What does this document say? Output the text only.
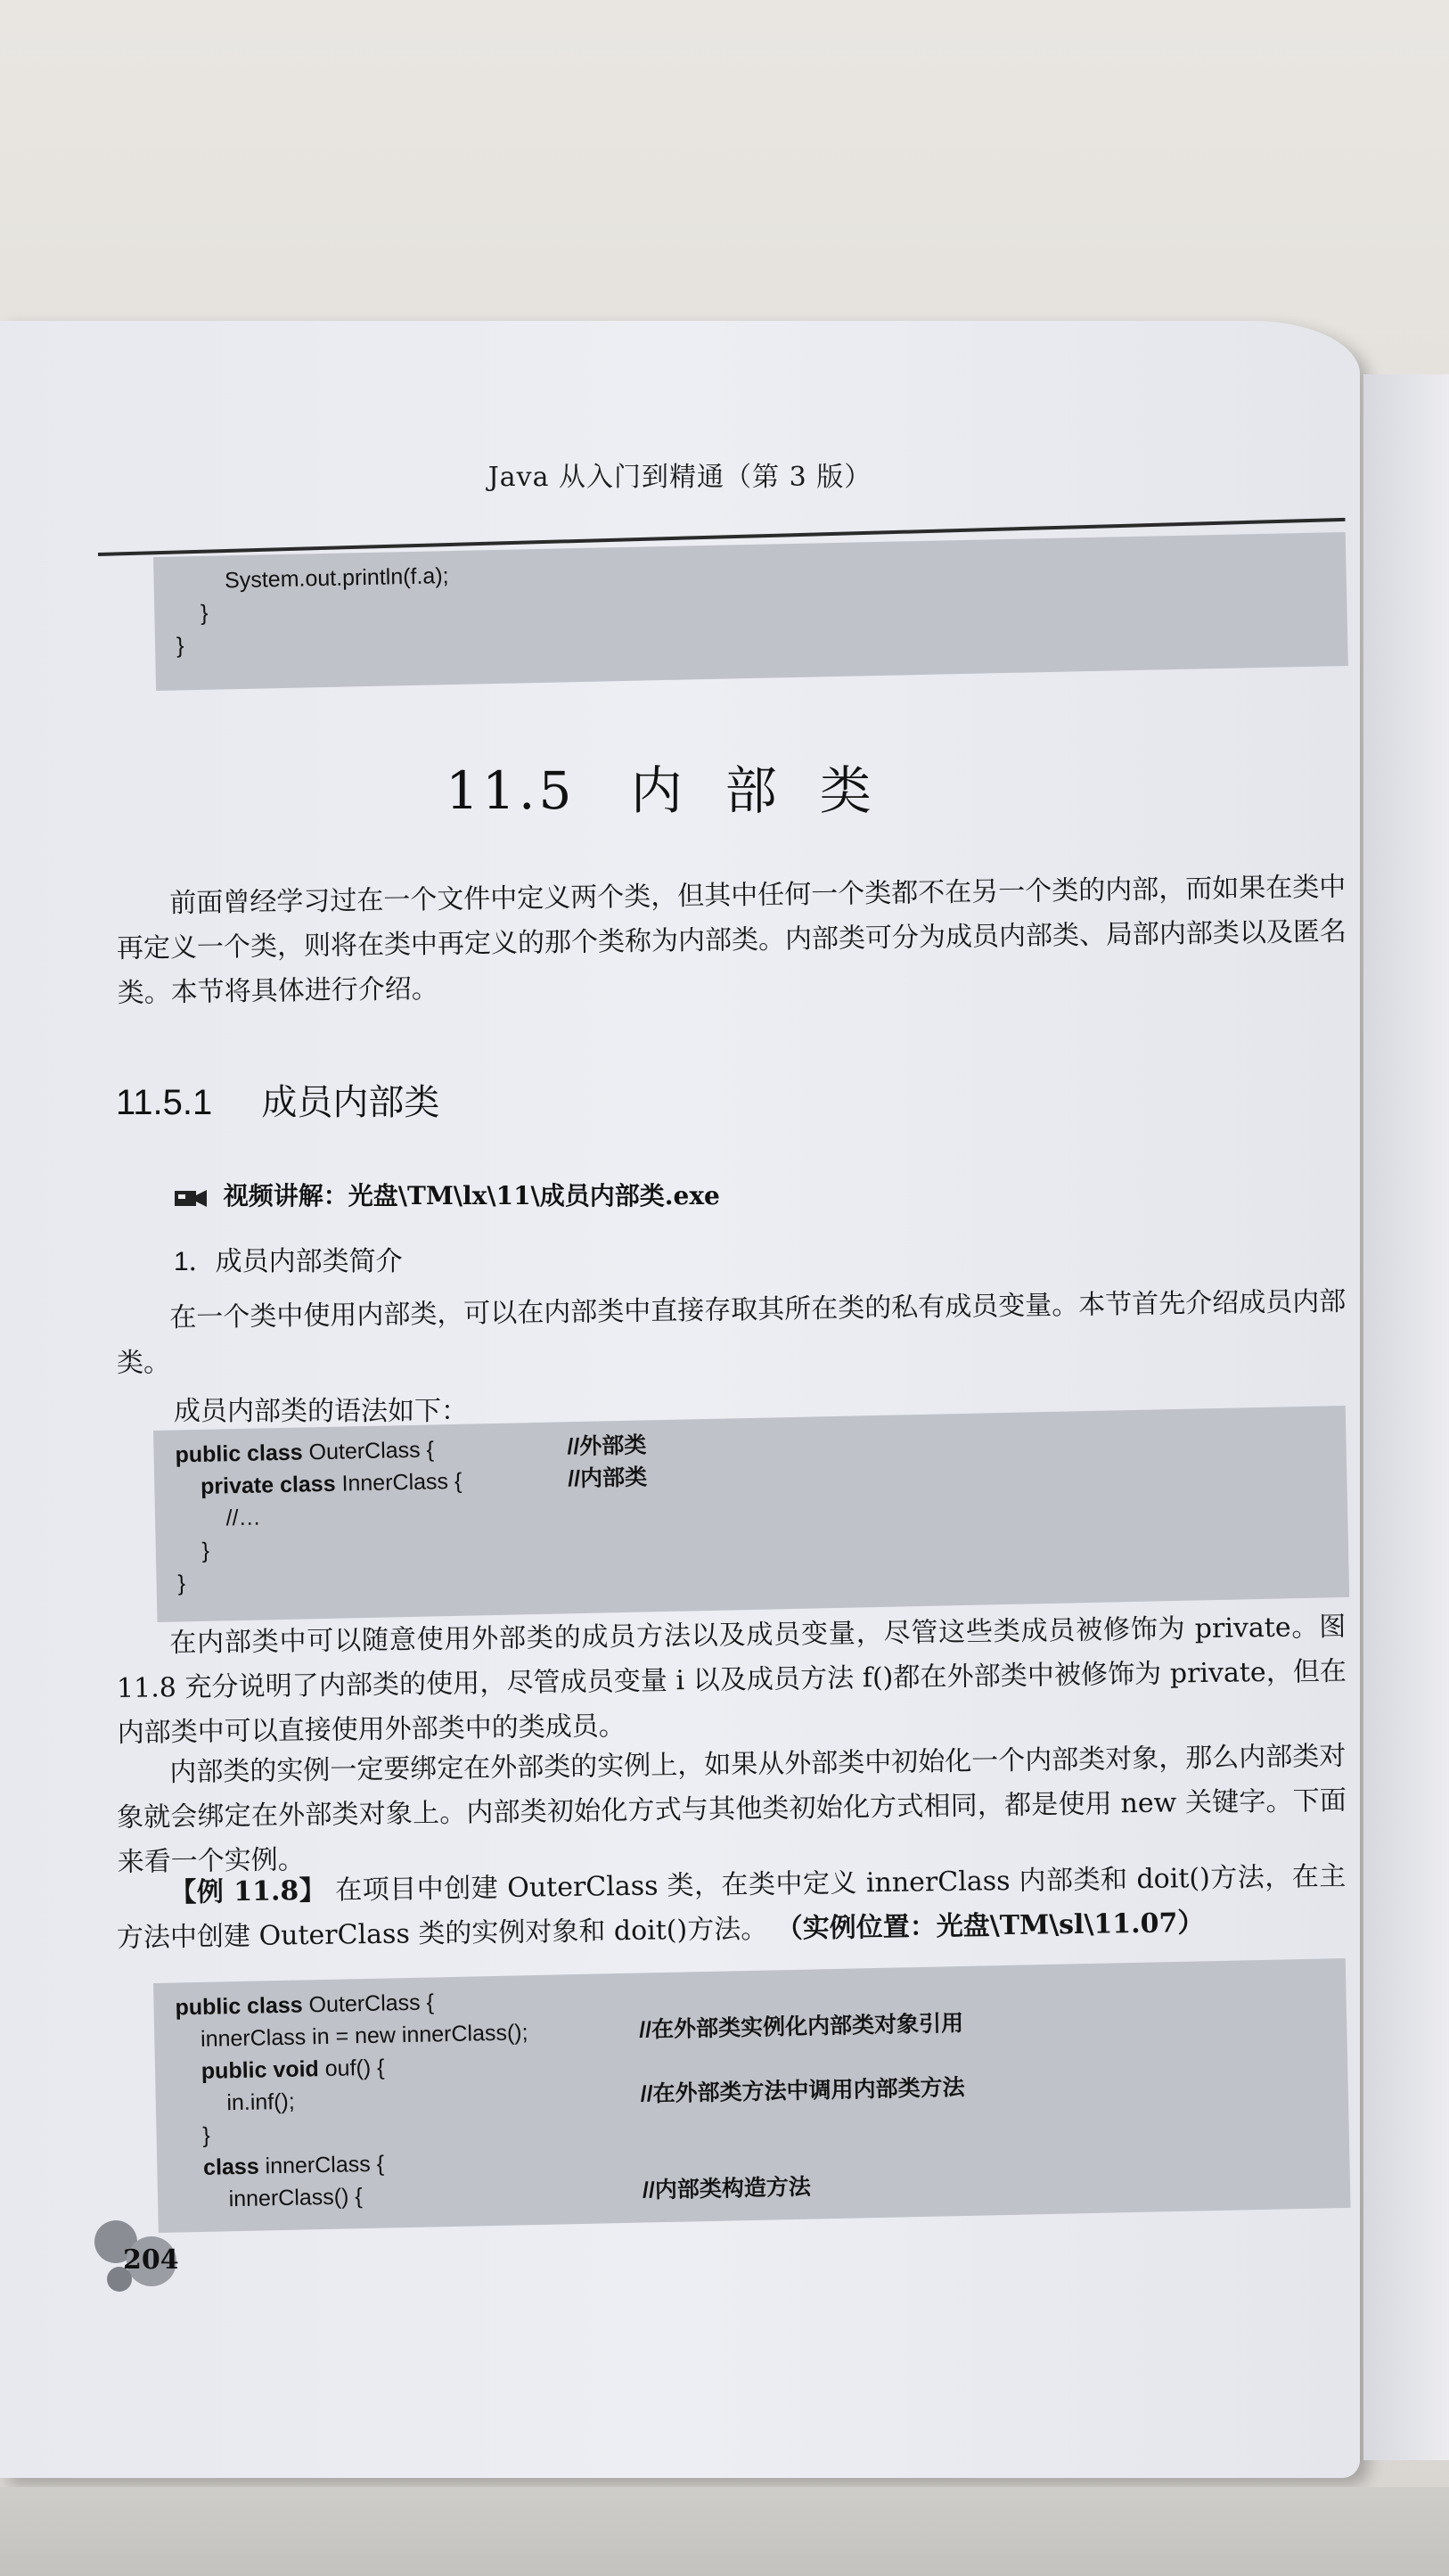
Java 从入门到精通（第 3 版）
System.out.println(f.a);
}
}
11.5 内部类
前面曾经学习过在一个文件中定义两个类，但其中任何一个类都不在另一个类的内部，而如果在类中再定义一个类，则将在类中再定义的那个类称为内部类。内部类可分为成员内部类、局部内部类以及匿名类。本节将具体进行介绍。
11.5.1 成员内部类
视频讲解：光盘\TM\lx\11\成员内部类.exe
1．成员内部类简介
在一个类中使用内部类，可以在内部类中直接存取其所在类的私有成员变量。本节首先介绍成员内部类。
成员内部类的语法如下：
public class OuterClass {	//外部类
private class InnerClass {	//内部类
//…
}
}
在内部类中可以随意使用外部类的成员方法以及成员变量，尽管这些类成员被修饰为 private。图 11.8 充分说明了内部类的使用，尽管成员变量 i 以及成员方法 f()都在外部类中被修饰为 private，但在内部类中可以直接使用外部类中的类成员。
内部类的实例一定要绑定在外部类的实例上，如果从外部类中初始化一个内部类对象，那么内部类对象就会绑定在外部类对象上。内部类初始化方式与其他类初始化方式相同，都是使用 new 关键字。下面来看一个实例。
【例 11.8】 在项目中创建 OuterClass 类，在类中定义 innerClass 内部类和 doit()方法，在主方法中创建 OuterClass 类的实例对象和 doit()方法。 （实例位置：光盘\TM\sl\11.07）
public class OuterClass {
innerClass in = new innerClass();	//在外部类实例化内部类对象引用
public void ouf() {
in.inf();	//在外部类方法中调用内部类方法
}
class innerClass {
innerClass() {	//内部类构造方法
204
